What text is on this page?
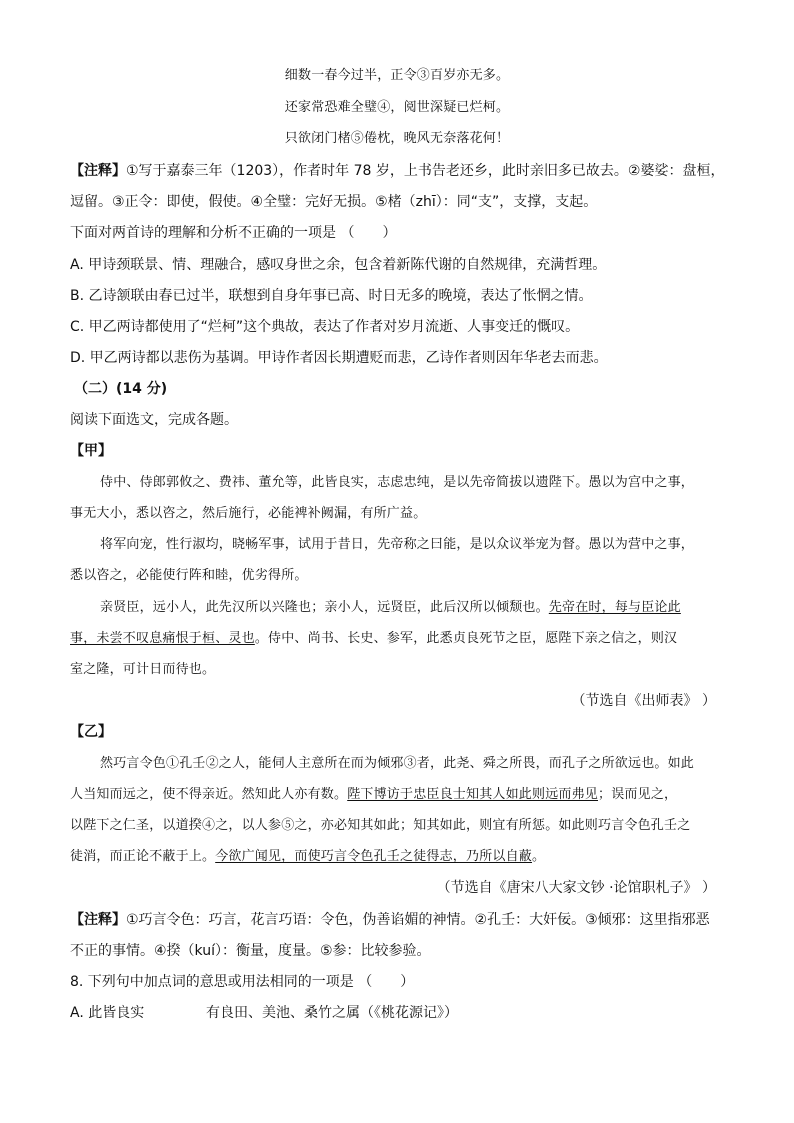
细数一春今过半，正令③百岁亦无多。
还家常恐难全璧④，阅世深疑已烂柯。
只欲闭门楮⑤倦枕，晚风无奈落花何！
【注释】①写于嘉泰三年（1203），作者时年 78 岁，上书告老还乡，此时亲旧多已故去。②婆娑：盘桓，
逗留。③正令：即使，假使。④全璧：完好无损。⑤楮（zhī）：同“支”，支撑，支起。
下面对两首诗的理解和分析不正确的一项是 （　　）
A. 甲诗颈联景、情、理融合，感叹身世之余，包含着新陈代谢的自然规律，充满哲理。
B. 乙诗颔联由春已过半，联想到自身年事已高、时日无多的晚境，表达了怅惘之情。
C. 甲乙两诗都使用了“烂柯”这个典故，表达了作者对岁月流逝、人事变迁的慨叹。
D. 甲乙两诗都以悲伤为基调。甲诗作者因长期遭贬而悲，乙诗作者则因年华老去而悲。
（二）(14 分)
阅读下面选文，完成各题。
【甲】
侍中、侍郎郭攸之、费祎、董允等，此皆良实，志虑忠纯，是以先帝简拔以遗陛下。愚以为宫中之事，
事无大小，悉以咨之，然后施行，必能裨补阙漏，有所广益。
将军向宠，性行淑均，晓畅军事，试用于昔日，先帝称之曰能，是以众议举宠为督。愚以为营中之事，
悉以咨之，必能使行阵和睦，优劣得所。
亲贤臣，远小人，此先汉所以兴隆也；亲小人，远贤臣，此后汉所以倾颓也。先帝在时，每与臣论此
事，未尝不叹息痛恨于桓、灵也。侍中、尚书、长史、参军，此悉贞良死节之臣，愿陛下亲之信之，则汉
室之隆，可计日而待也。
（节选自《出师表》 ）
【乙】
然巧言令色①孔壬②之人，能伺人主意所在而为倾邪③者，此尧、舜之所畏，而孔子之所欲远也。如此
人当知而远之，使不得亲近。然知此人亦有数。陛下博访于忠臣良士知其人如此则远而弗见；误而见之，
以陛下之仁圣，以道揆④之，以人参⑤之，亦必知其如此；知其如此，则宜有所惩。如此则巧言令色孔壬之
徒消，而正论不蔽于上。今欲广闻见，而使巧言令色孔壬之徒得志，乃所以自蔽。
（节选自《唐宋八大家文钞 ·论馆职札子》 ）
【注释】①巧言令色：巧言，花言巧语：令色，伪善谄媚的神情。②孔壬：大奸佞。③倾邪：这里指邪恶
不正的事情。④揆（kuí）：衡量，度量。⑤参：比较参验。
8. 下列句中加点词的意思或用法相同的一项是 （　　）
A. 此皆良实	有良田、美池、桑竹之属（《桃花源记》）
